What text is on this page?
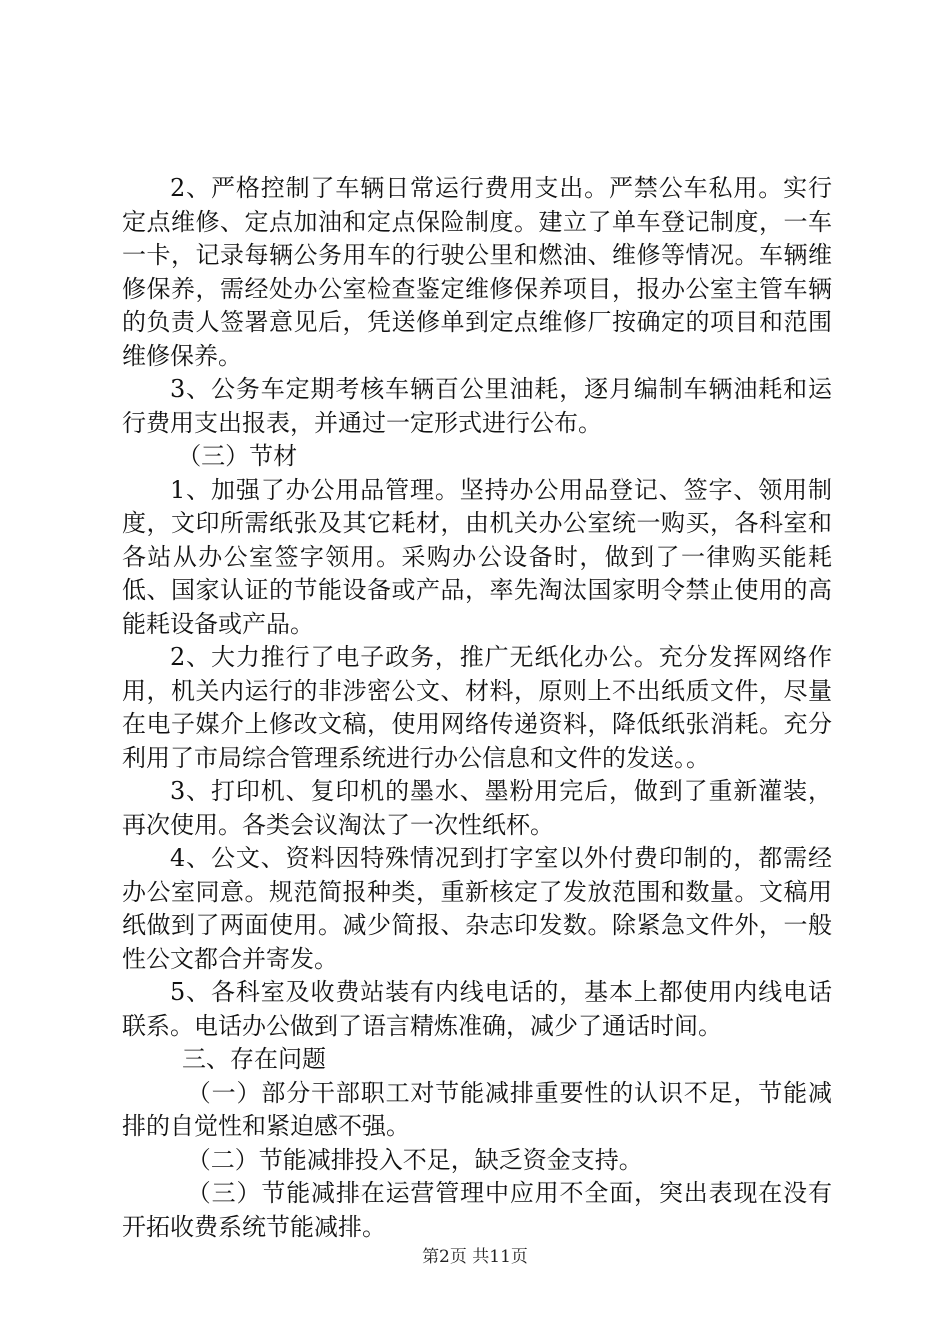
2、严格控制了车辆日常运行费用支出。严禁公车私用。实行定点维修、定点加油和定点保险制度。建立了单车登记制度，一车一卡，记录每辆公务用车的行驶公里和燃油、维修等情况。车辆维修保养，需经处办公室检查鉴定维修保养项目，报办公室主管车辆的负责人签署意见后，凭送修单到定点维修厂按确定的项目和范围维修保养。

3、公务车定期考核车辆百公里油耗，逐月编制车辆油耗和运行费用支出报表，并通过一定形式进行公布。

（三）节材

1、加强了办公用品管理。坚持办公用品登记、签字、领用制度，文印所需纸张及其它耗材，由机关办公室统一购买，各科室和各站从办公室签字领用。采购办公设备时，做到了一律购买能耗低、国家认证的节能设备或产品，率先淘汰国家明令禁止使用的高能耗设备或产品。

2、大力推行了电子政务，推广无纸化办公。充分发挥网络作用，机关内运行的非涉密公文、材料，原则上不出纸质文件，尽量在电子媒介上修改文稿，使用网络传递资料，降低纸张消耗。充分利用了市局综合管理系统进行办公信息和文件的发送。。

3、打印机、复印机的墨水、墨粉用完后，做到了重新灌装，再次使用。各类会议淘汰了一次性纸杯。

4、公文、资料因特殊情况到打字室以外付费印制的，都需经办公室同意。规范简报种类，重新核定了发放范围和数量。文稿用纸做到了两面使用。减少简报、杂志印发数。除紧急文件外，一般性公文都合并寄发。

5、各科室及收费站装有内线电话的，基本上都使用内线电话联系。电话办公做到了语言精炼准确，减少了通话时间。

三、存在问题

（一）部分干部职工对节能减排重要性的认识不足，节能减排的自觉性和紧迫感不强。

（二）节能减排投入不足，缺乏资金支持。

（三）节能减排在运营管理中应用不全面，突出表现在没有开拓收费系统节能减排。

第2页 共11页
